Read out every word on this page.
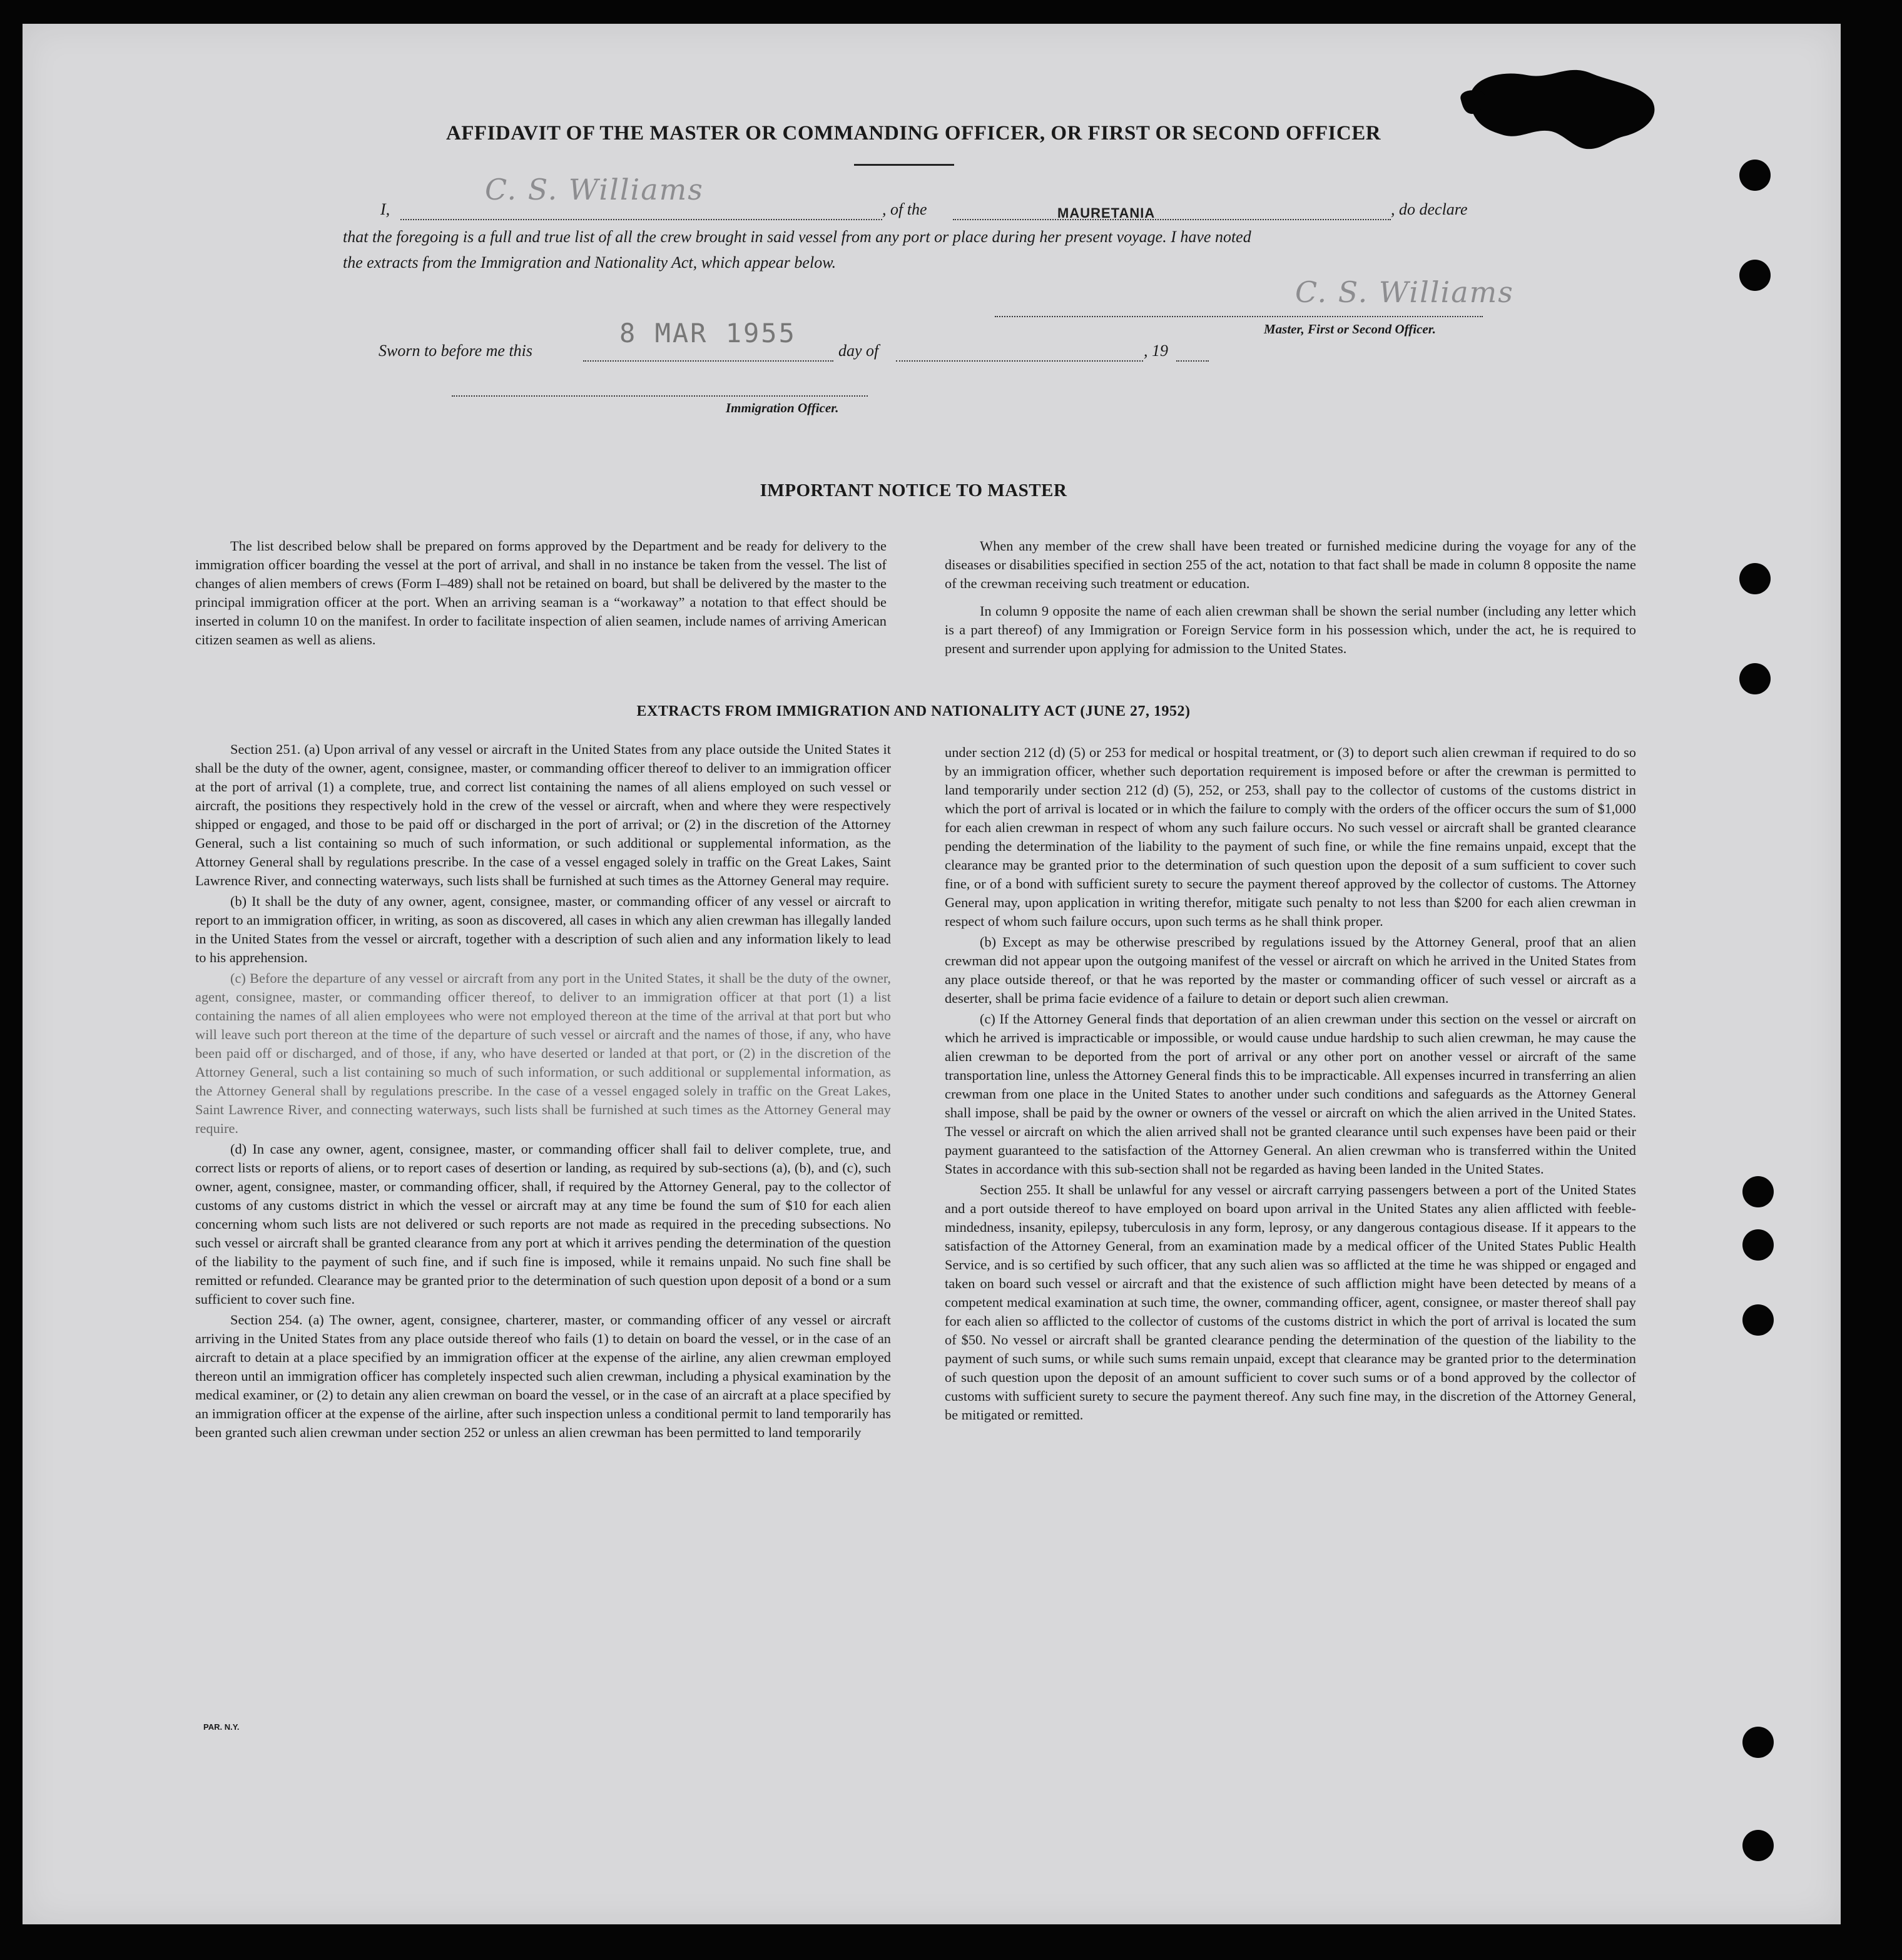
AFFIDAVIT OF THE MASTER OR COMMANDING OFFICER, OR FIRST OR SECOND OFFICER
I,
C. S. Williams
, of the	MAURETANIA	, do declare
that the foregoing is a full and true list of all the crew brought in said vessel from any port or place during her present voyage. I have noted
the extracts from the Immigration and Nationality Act, which appear below.
C. S. Williams
Master, First or Second Officer.
Sworn to before me this
8 MAR 1955
day of	, 19
Immigration Officer.
IMPORTANT NOTICE TO MASTER

The list described below shall be prepared on forms approved by the Department and be ready for delivery to the immigration officer boarding the vessel at the port of arrival, and shall in no instance be taken from the vessel. The list of changes of alien members of crews (Form I–489) shall not be retained on board, but shall be delivered by the master to the principal immigration officer at the port. When an arriving seaman is a “workaway” a notation to that effect should be inserted in column 10 on the manifest. In order to facilitate inspection of alien seamen, include names of arriving American citizen seamen as well as aliens.

When any member of the crew shall have been treated or furnished medicine during the voyage for any of the diseases or disabilities specified in section 255 of the act, notation to that fact shall be made in column 8 opposite the name of the crewman receiving such treatment or education.

In column 9 opposite the name of each alien crewman shall be shown the serial number (including any letter which is a part thereof) of any Immigration or Foreign Service form in his possession which, under the act, he is required to present and surrender upon applying for admission to the United States.

EXTRACTS FROM IMMIGRATION AND NATIONALITY ACT (JUNE 27, 1952)

Section 251. (a) Upon arrival of any vessel or aircraft in the United States from any place outside the United States it shall be the duty of the owner, agent, consignee, master, or commanding officer thereof to deliver to an immigration officer at the port of arrival (1) a complete, true, and correct list containing the names of all aliens employed on such vessel or aircraft, the positions they respectively hold in the crew of the vessel or aircraft, when and where they were respectively shipped or engaged, and those to be paid off or discharged in the port of arrival; or (2) in the discretion of the Attorney General, such a list containing so much of such information, or such additional or supplemental information, as the Attorney General shall by regulations prescribe. In the case of a vessel engaged solely in traffic on the Great Lakes, Saint Lawrence River, and connecting waterways, such lists shall be furnished at such times as the Attorney General may require.

(b) It shall be the duty of any owner, agent, consignee, master, or commanding officer of any vessel or aircraft to report to an immigration officer, in writing, as soon as discovered, all cases in which any alien crewman has illegally landed in the United States from the vessel or aircraft, together with a description of such alien and any information likely to lead to his apprehension.

(c) Before the departure of any vessel or aircraft from any port in the United States, it shall be the duty of the owner, agent, consignee, master, or commanding officer thereof, to deliver to an immigration officer at that port (1) a list containing the names of all alien employees who were not employed thereon at the time of the arrival at that port but who will leave such port thereon at the time of the departure of such vessel or aircraft and the names of those, if any, who have been paid off or discharged, and of those, if any, who have deserted or landed at that port, or (2) in the discretion of the Attorney General, such a list containing so much of such information, or such additional or supplemental information, as the Attorney General shall by regulations prescribe. In the case of a vessel engaged solely in traffic on the Great Lakes, Saint Lawrence River, and connecting waterways, such lists shall be furnished at such times as the Attorney General may require.

(d) In case any owner, agent, consignee, master, or commanding officer shall fail to deliver complete, true, and correct lists or reports of aliens, or to report cases of desertion or landing, as required by sub-sections (a), (b), and (c), such owner, agent, consignee, master, or commanding officer, shall, if required by the Attorney General, pay to the collector of customs of any customs district in which the vessel or aircraft may at any time be found the sum of $10 for each alien concerning whom such lists are not delivered or such reports are not made as required in the preceding subsections. No such vessel or aircraft shall be granted clearance from any port at which it arrives pending the determination of the question of the liability to the payment of such fine, and if such fine is imposed, while it remains unpaid. No such fine shall be remitted or refunded. Clearance may be granted prior to the determination of such question upon deposit of a bond or a sum sufficient to cover such fine.

Section 254. (a) The owner, agent, consignee, charterer, master, or commanding officer of any vessel or aircraft arriving in the United States from any place outside thereof who fails (1) to detain on board the vessel, or in the case of an aircraft to detain at a place specified by an immigration officer at the expense of the airline, any alien crewman employed thereon until an immigration officer has completely inspected such alien crewman, including a physical examination by the medical examiner, or (2) to detain any alien crewman on board the vessel, or in the case of an aircraft at a place specified by an immigration officer at the expense of the airline, after such inspection unless a conditional permit to land temporarily has been granted such alien crewman under section 252 or unless an alien crewman has been permitted to land temporarily

under section 212 (d) (5) or 253 for medical or hospital treatment, or (3) to deport such alien crewman if required to do so by an immigration officer, whether such deportation requirement is imposed before or after the crewman is permitted to land temporarily under section 212 (d) (5), 252, or 253, shall pay to the collector of customs of the customs district in which the port of arrival is located or in which the failure to comply with the orders of the officer occurs the sum of $1,000 for each alien crewman in respect of whom any such failure occurs. No such vessel or aircraft shall be granted clearance pending the determination of the liability to the payment of such fine, or while the fine remains unpaid, except that the clearance may be granted prior to the determination of such question upon the deposit of a sum sufficient to cover such fine, or of a bond with sufficient surety to secure the payment thereof approved by the collector of customs. The Attorney General may, upon application in writing therefor, mitigate such penalty to not less than $200 for each alien crewman in respect of whom such failure occurs, upon such terms as he shall think proper.

(b) Except as may be otherwise prescribed by regulations issued by the Attorney General, proof that an alien crewman did not appear upon the outgoing manifest of the vessel or aircraft on which he arrived in the United States from any place outside thereof, or that he was reported by the master or commanding officer of such vessel or aircraft as a deserter, shall be prima facie evidence of a failure to detain or deport such alien crewman.

(c) If the Attorney General finds that deportation of an alien crewman under this section on the vessel or aircraft on which he arrived is impracticable or impossible, or would cause undue hardship to such alien crewman, he may cause the alien crewman to be deported from the port of arrival or any other port on another vessel or aircraft of the same transportation line, unless the Attorney General finds this to be impracticable. All expenses incurred in transferring an alien crewman from one place in the United States to another under such conditions and safeguards as the Attorney General shall impose, shall be paid by the owner or owners of the vessel or aircraft on which the alien arrived in the United States. The vessel or aircraft on which the alien arrived shall not be granted clearance until such expenses have been paid or their payment guaranteed to the satisfaction of the Attorney General. An alien crewman who is transferred within the United States in accordance with this sub-section shall not be regarded as having been landed in the United States.

Section 255. It shall be unlawful for any vessel or aircraft carrying passengers between a port of the United States and a port outside thereof to have employed on board upon arrival in the United States any alien afflicted with feeble-mindedness, insanity, epilepsy, tuberculosis in any form, leprosy, or any dangerous contagious disease. If it appears to the satisfaction of the Attorney General, from an examination made by a medical officer of the United States Public Health Service, and is so certified by such officer, that any such alien was so afflicted at the time he was shipped or engaged and taken on board such vessel or aircraft and that the existence of such affliction might have been detected by means of a competent medical examination at such time, the owner, commanding officer, agent, consignee, or master thereof shall pay for each alien so afflicted to the collector of customs of the customs district in which the port of arrival is located the sum of $50. No vessel or aircraft shall be granted clearance pending the determination of the question of the liability to the payment of such sums, or while such sums remain unpaid, except that clearance may be granted prior to the determination of such question upon the deposit of an amount sufficient to cover such sums or of a bond approved by the collector of customs with sufficient surety to secure the payment thereof. Any such fine may, in the discretion of the Attorney General, be mitigated or remitted.

PAR. N.Y.
